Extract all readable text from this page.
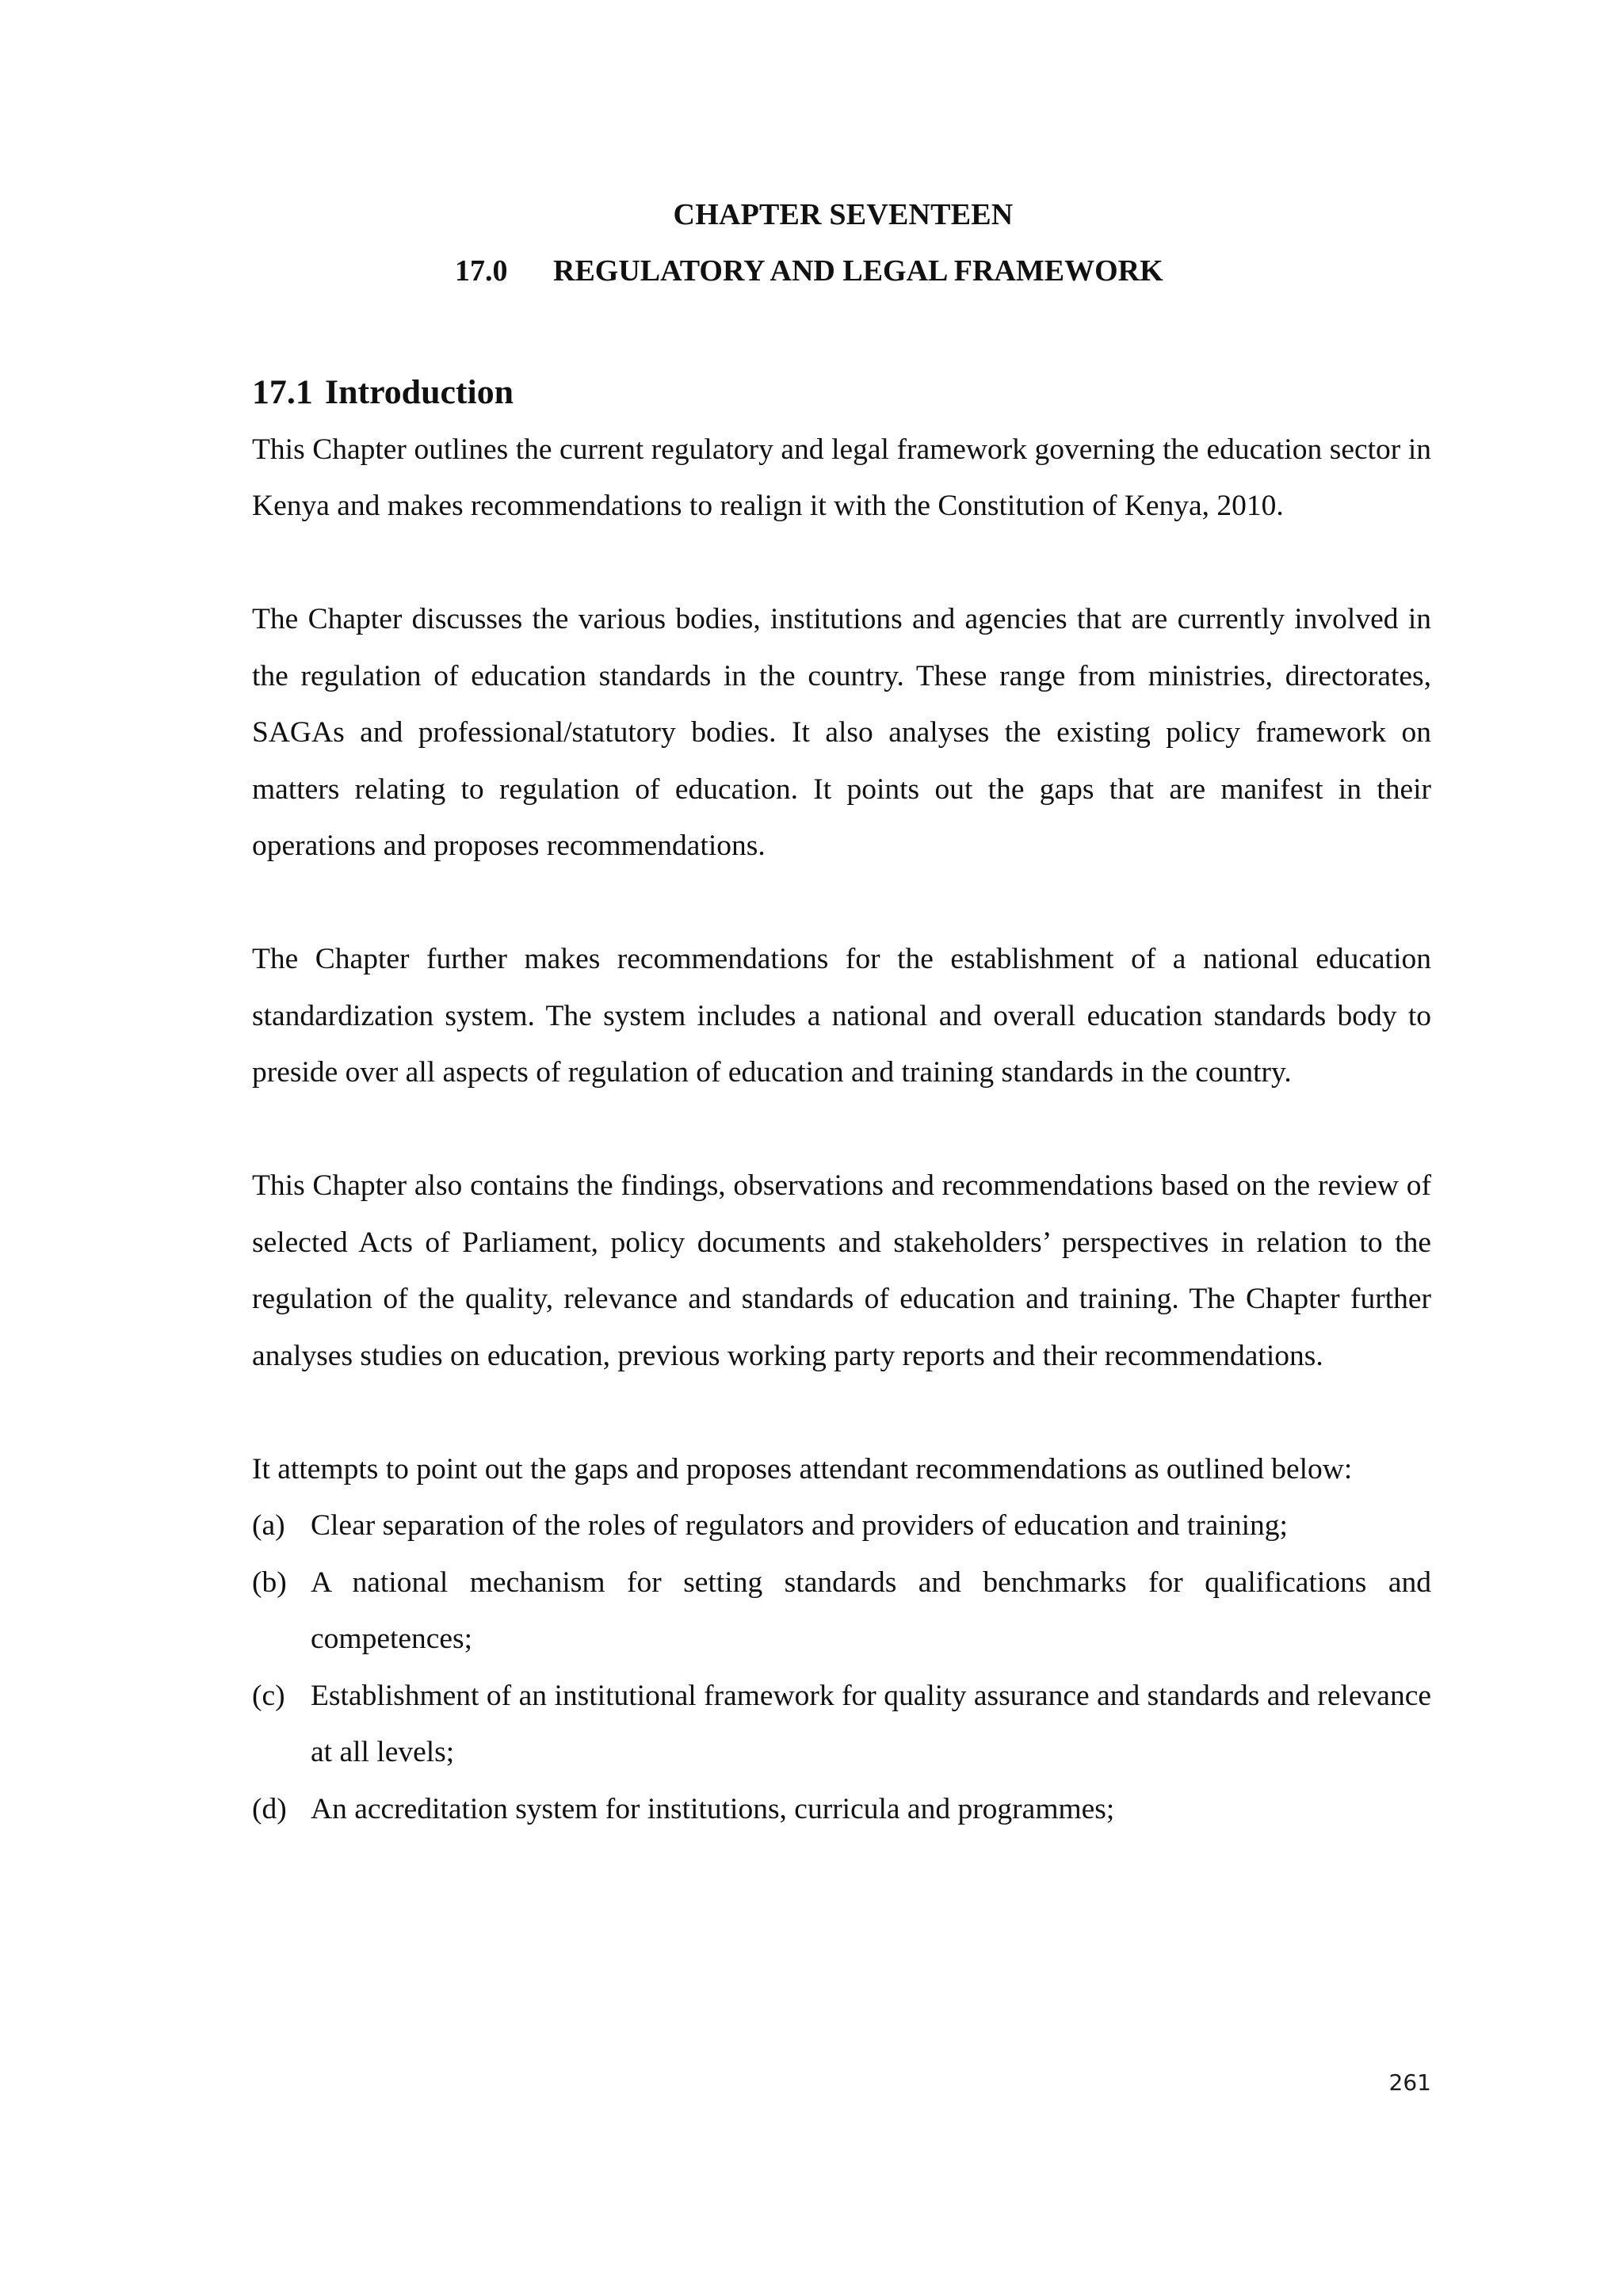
CHAPTER SEVENTEEN
17.0 REGULATORY AND LEGAL FRAMEWORK
17.1 Introduction

This Chapter outlines the current regulatory and legal framework governing the education sector in Kenya and makes recommendations to realign it with the Constitution of Kenya, 2010.

The Chapter discusses the various bodies, institutions and agencies that are currently involved in the regulation of education standards in the country. These range from ministries, directorates, SAGAs and professional/statutory bodies. It also analyses the existing policy framework on matters relating to regulation of education. It points out the gaps that are manifest in their operations and proposes recommendations.

The Chapter further makes recommendations for the establishment of a national education standardization system. The system includes a national and overall education standards body to preside over all aspects of regulation of education and training standards in the country.

This Chapter also contains the findings, observations and recommendations based on the review of selected Acts of Parliament, policy documents and stakeholders’ perspectives in relation to the regulation of the quality, relevance and standards of education and training. The Chapter further analyses studies on education, previous working party reports and their recommendations.

It attempts to point out the gaps and proposes attendant recommendations as outlined below:

(a) Clear separation of the roles of regulators and providers of education and training;
(b) A national mechanism for setting standards and benchmarks for qualifications and competences;
(c) Establishment of an institutional framework for quality assurance and standards and relevance at all levels;
(d) An accreditation system for institutions, curricula and programmes;
261
